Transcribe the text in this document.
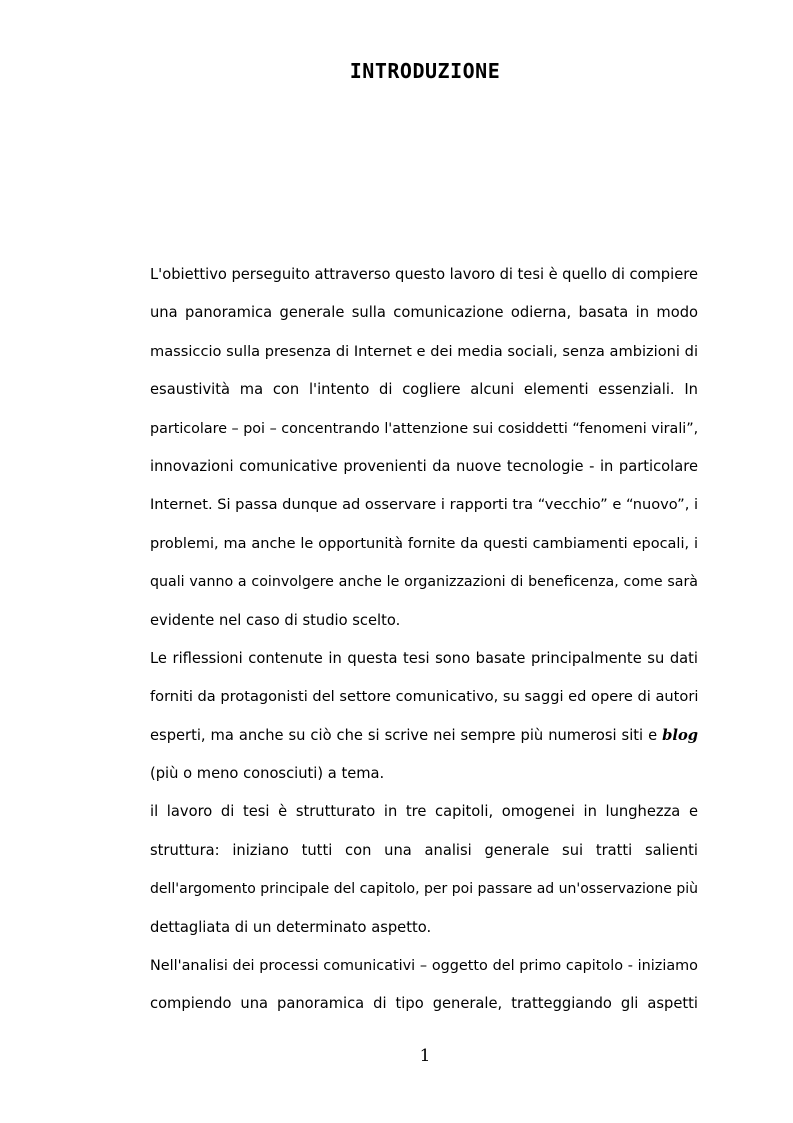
INTRODUZIONE

L'obiettivo perseguito attraverso questo lavoro di tesi è quello di compiere
una panoramica generale sulla comunicazione odierna, basata in modo
massiccio sulla presenza di Internet e dei media sociali, senza ambizioni di
esaustività ma con l'intento di cogliere alcuni elementi essenziali. In
particolare – poi – concentrando l'attenzione sui cosiddetti “fenomeni virali”,
innovazioni comunicative provenienti da nuove tecnologie - in particolare
Internet. Si passa dunque ad osservare i rapporti tra “vecchio” e “nuovo”, i
problemi, ma anche le opportunità fornite da questi cambiamenti epocali, i
quali vanno a coinvolgere anche le organizzazioni di beneficenza, come sarà
evidente nel caso di studio scelto.

Le riflessioni contenute in questa tesi sono basate principalmente su dati
forniti da protagonisti del settore comunicativo, su saggi ed opere di autori
esperti, ma anche su ciò che si scrive nei sempre più numerosi siti e blog
(più o meno conosciuti) a tema.

il lavoro di tesi è strutturato in tre capitoli, omogenei in lunghezza e
struttura: iniziano tutti con una analisi generale sui tratti salienti
dell'argomento principale del capitolo, per poi passare ad un'osservazione più
dettagliata di un determinato aspetto.

Nell'analisi dei processi comunicativi – oggetto del primo capitolo - iniziamo
compiendo una panoramica di tipo generale, tratteggiando gli aspetti

1
